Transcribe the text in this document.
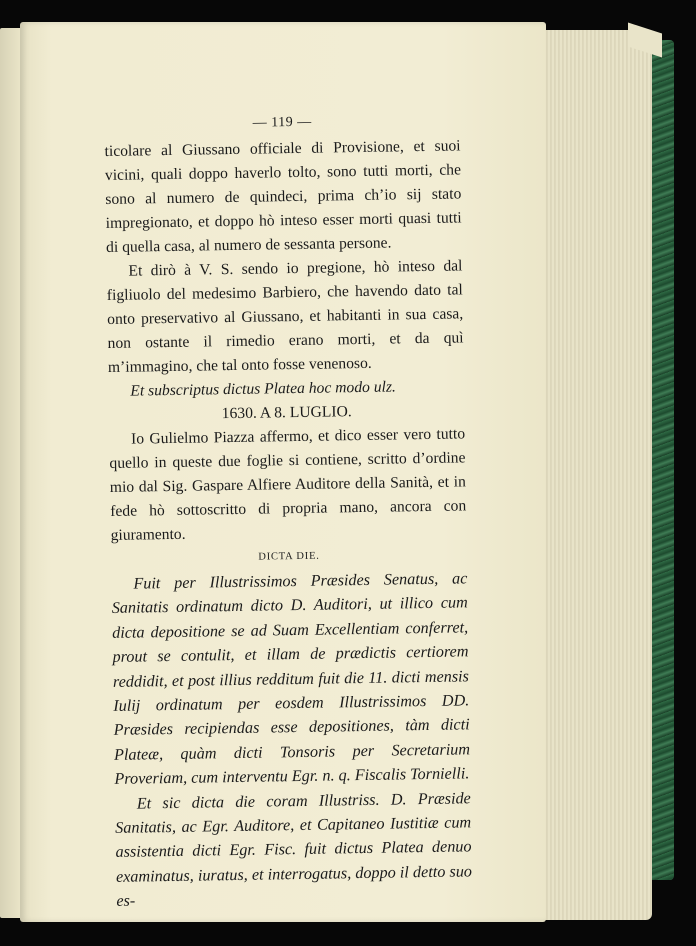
— 119 —

ticolare al Giussano officiale di Provisione, et suoi vicini, quali doppo haverlo tolto, sono tutti morti, che sono al numero de quindeci, prima ch’io sij stato impregionato, et doppo hò inteso esser morti quasi tutti di quella casa, al numero de sessanta persone.

Et dirò à V. S. sendo io pregione, hò inteso dal figliuolo del medesimo Barbiero, che havendo dato tal onto preservativo al Giussano, et habitanti in sua casa, non ostante il rimedio erano morti, et da quì m’immagino, che tal onto fosse venenoso.

Et subscriptus dictus Platea hoc modo ulz.

1630. A 8. LUGLIO.

Io Gulielmo Piazza affermo, et dico esser vero tutto quello in queste due foglie si contiene, scritto d’ordine mio dal Sig. Gaspare Alfiere Auditore della Sanità, et in fede hò sottoscritto di propria mano, ancora con giuramento.

DICTA DIE.

Fuit per Illustrissimos Præsides Senatus, ac Sanitatis ordinatum dicto D. Auditori, ut illico cum dicta depositione se ad Suam Excellentiam conferret, prout se contulit, et illam de prædictis certiorem reddidit, et post illius redditum fuit die 11. dicti mensis Iulij ordinatum per eosdem Illustrissimos DD. Præsides recipiendas esse depositiones, tàm dicti Plateæ, quàm dicti Tonsoris per Secretarium Proveriam, cum interventu Egr. n. q. Fiscalis Tornielli.

Et sic dicta die coram Illustriss. D. Præside Sanitatis, ac Egr. Auditore, et Capitaneo Iustitiæ cum assistentia dicti Egr. Fisc. fuit dictus Platea denuo examinatus, iuratus, et interrogatus, doppo il detto suo es-
